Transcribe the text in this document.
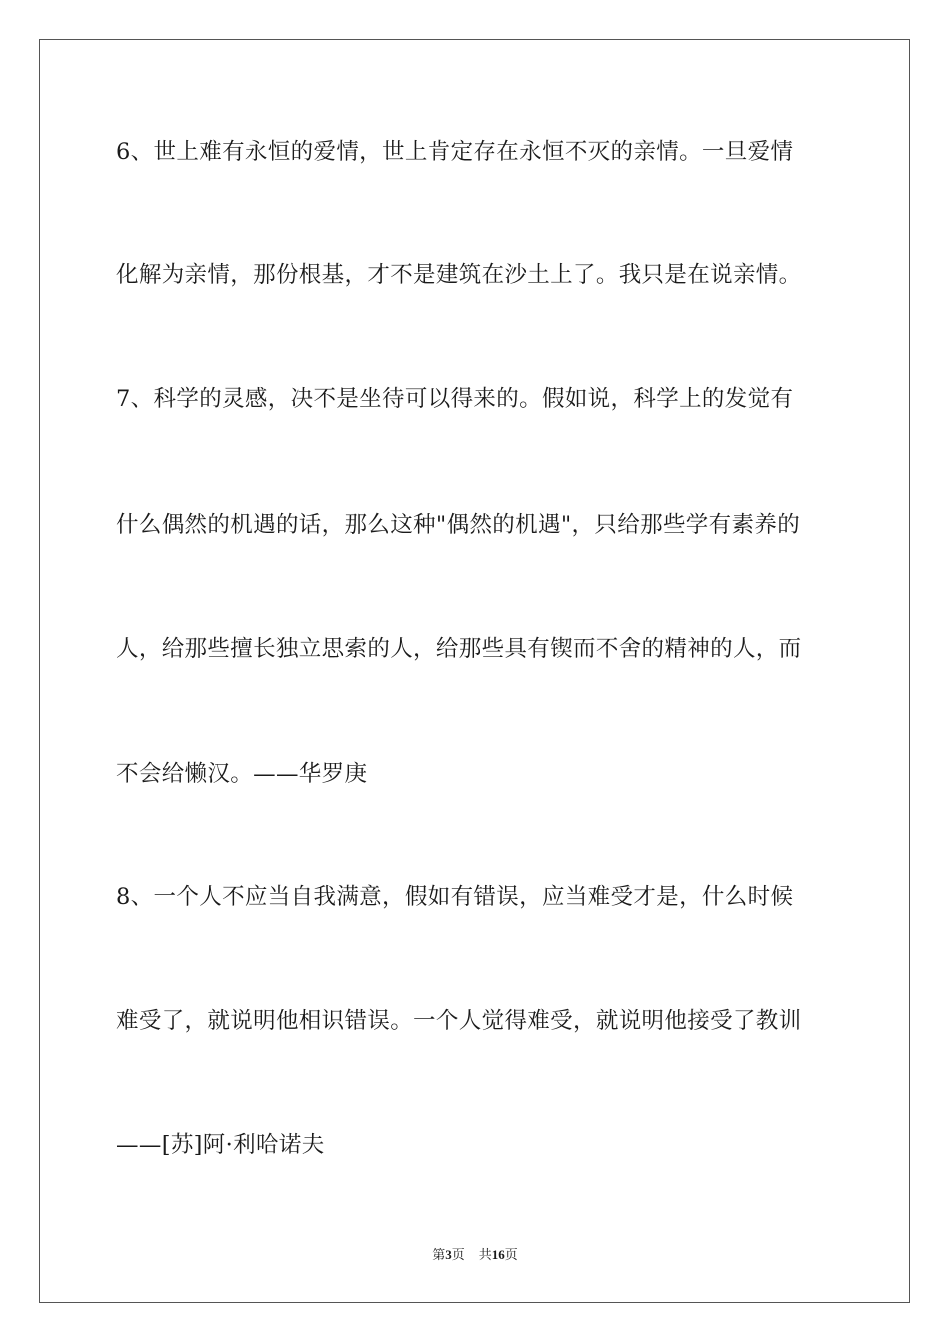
6、世上难有永恒的爱情，世上肯定存在永恒不灭的亲情。一旦爱情
化解为亲情，那份根基，才不是建筑在沙土上了。我只是在说亲情。
7、科学的灵感，决不是坐待可以得来的。假如说，科学上的发觉有
什么偶然的机遇的话，那么这种"偶然的机遇"，只给那些学有素养的
人，给那些擅长独立思索的人，给那些具有锲而不舍的精神的人，而
不会给懒汉。——华罗庚
8、一个人不应当自我满意，假如有错误，应当难受才是，什么时候
难受了，就说明他相识错误。一个人觉得难受，就说明他接受了教训
——[苏]阿·利哈诺夫
第3页 共16页
